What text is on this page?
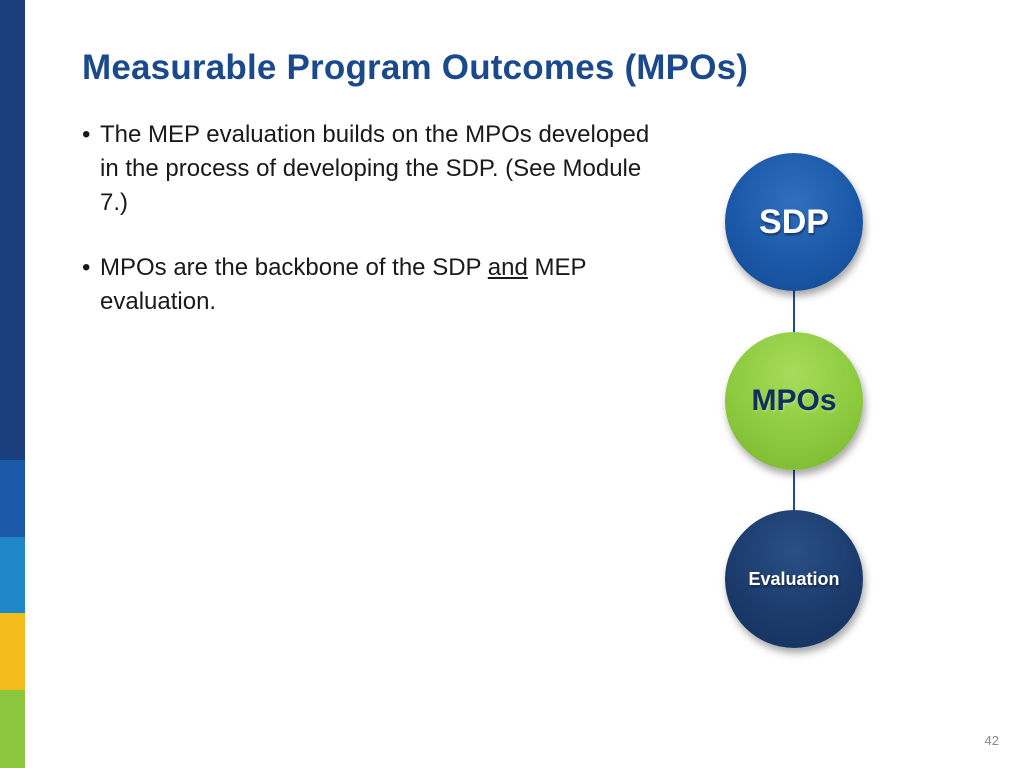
Measurable Program Outcomes (MPOs)
• The MEP evaluation builds on the MPOs developed in the process of developing the SDP. (See Module 7.)
• MPOs are the backbone of the SDP and MEP evaluation.
SDP
MPOs
Evaluation
42
